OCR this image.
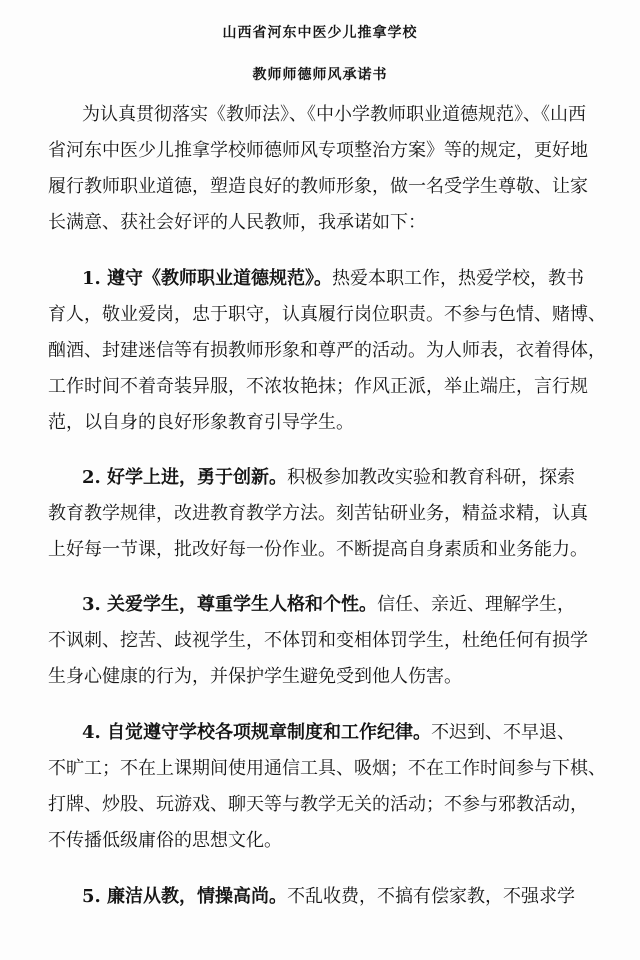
山西省河东中医少儿推拿学校
教师师德师风承诺书
为认真贯彻落实《教师法》、《中小学教师职业道德规范》、《山西
省河东中医少儿推拿学校师德师风专项整治方案》等的规定，更好地
履行教师职业道德，塑造良好的教师形象，做一名受学生尊敬、让家
长满意、获社会好评的人民教师，我承诺如下：
1. 遵守《教师职业道德规范》。热爱本职工作，热爱学校，教书
育人，敬业爱岗，忠于职守，认真履行岗位职责。不参与色情、赌博、
酗酒、封建迷信等有损教师形象和尊严的活动。为人师表，衣着得体，
工作时间不着奇装异服，不浓妆艳抹；作风正派，举止端庄，言行规
范，以自身的良好形象教育引导学生。
2. 好学上进，勇于创新。积极参加教改实验和教育科研，探索
教育教学规律，改进教育教学方法。刻苦钻研业务，精益求精，认真
上好每一节课，批改好每一份作业。不断提高自身素质和业务能力。
3. 关爱学生，尊重学生人格和个性。信任、亲近、理解学生，
不讽刺、挖苦、歧视学生，不体罚和变相体罚学生，杜绝任何有损学
生身心健康的行为，并保护学生避免受到他人伤害。
4. 自觉遵守学校各项规章制度和工作纪律。不迟到、不早退、
不旷工；不在上课期间使用通信工具、吸烟；不在工作时间参与下棋、
打牌、炒股、玩游戏、聊天等与教学无关的活动；不参与邪教活动，
不传播低级庸俗的思想文化。
5. 廉洁从教，情操高尚。不乱收费，不搞有偿家教，不强求学
